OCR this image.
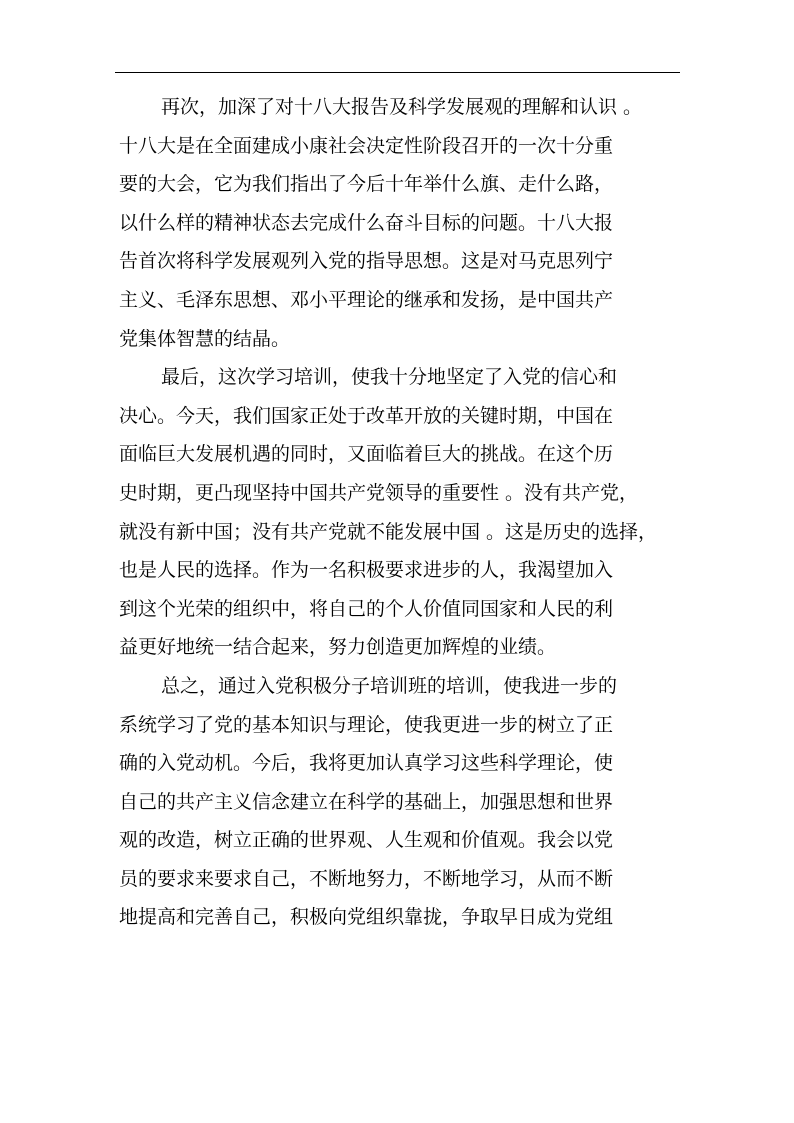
再次，加深了对十八大报告及科学发展观的理解和认识 。
十八大是在全面建成小康社会决定性阶段召开的一次十分重
要的大会，它为我们指出了今后十年举什么旗、走什么路，
以什么样的精神状态去完成什么奋斗目标的问题。十八大报
告首次将科学发展观列入党的指导思想。这是对马克思列宁
主义、毛泽东思想、邓小平理论的继承和发扬，是中国共产
党集体智慧的结晶。
最后，这次学习培训，使我十分地坚定了入党的信心和
决心。今天，我们国家正处于改革开放的关键时期，中国在
面临巨大发展机遇的同时，又面临着巨大的挑战。在这个历
史时期，更凸现坚持中国共产党领导的重要性 。没有共产党，
就没有新中国；没有共产党就不能发展中国 。这是历史的选择，
也是人民的选择。作为一名积极要求进步的人，我渴望加入
到这个光荣的组织中，将自己的个人价值同国家和人民的利
益更好地统一结合起来，努力创造更加辉煌的业绩。
总之，通过入党积极分子培训班的培训，使我进一步的
系统学习了党的基本知识与理论，使我更进一步的树立了正
确的入党动机。今后，我将更加认真学习这些科学理论，使
自己的共产主义信念建立在科学的基础上，加强思想和世界
观的改造，树立正确的世界观、人生观和价值观。我会以党
员的要求来要求自己，不断地努力，不断地学习，从而不断
地提高和完善自己，积极向党组织靠拢，争取早日成为党组
